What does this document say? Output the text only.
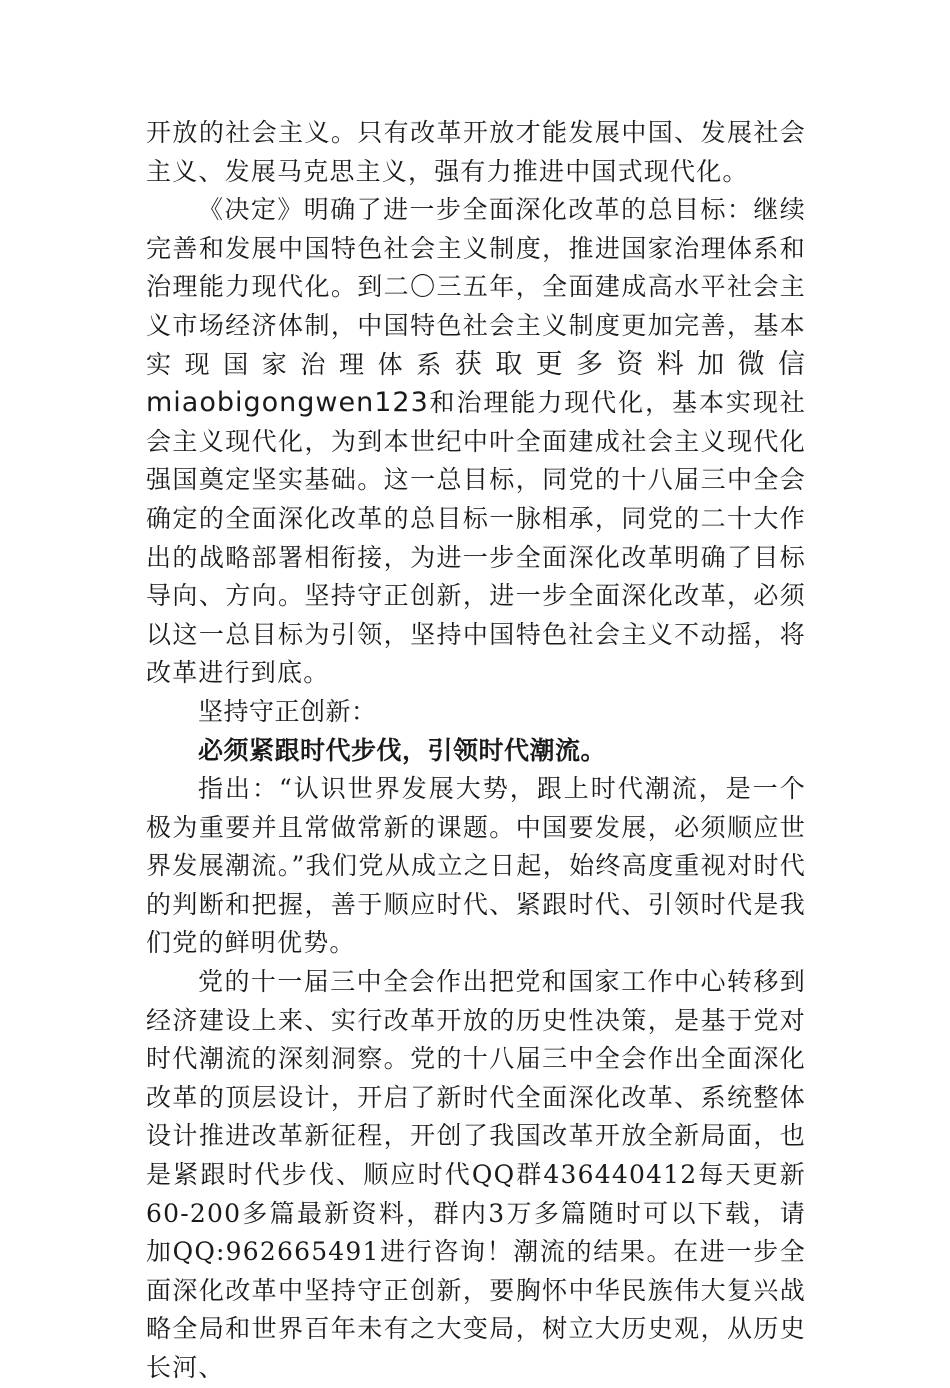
开放的社会主义。只有改革开放才能发展中国、发展社会主义、发展马克思主义，强有力推进中国式现代化。

《决定》明确了进一步全面深化改革的总目标：继续完善和发展中国特色社会主义制度，推进国家治理体系和治理能力现代化。到二〇三五年，全面建成高水平社会主义市场经济体制，中国特色社会主义制度更加完善，基本实现国家治理体系获取更多资料加微信miaobigongwen123和治理能力现代化，基本实现社会主义现代化，为到本世纪中叶全面建成社会主义现代化强国奠定坚实基础。这一总目标，同党的十八届三中全会确定的全面深化改革的总目标一脉相承，同党的二十大作出的战略部署相衔接，为进一步全面深化改革明确了目标导向、方向。坚持守正创新，进一步全面深化改革，必须以这一总目标为引领，坚持中国特色社会主义不动摇，将改革进行到底。

坚持守正创新：

必须紧跟时代步伐，引领时代潮流。

指出：“认识世界发展大势，跟上时代潮流，是一个极为重要并且常做常新的课题。中国要发展，必须顺应世界发展潮流。”我们党从成立之日起，始终高度重视对时代的判断和把握，善于顺应时代、紧跟时代、引领时代是我们党的鲜明优势。

党的十一届三中全会作出把党和国家工作中心转移到经济建设上来、实行改革开放的历史性决策，是基于党对时代潮流的深刻洞察。党的十八届三中全会作出全面深化改革的顶层设计，开启了新时代全面深化改革、系统整体设计推进改革新征程，开创了我国改革开放全新局面，也是紧跟时代步伐、顺应时代QQ群436440412每天更新60-200多篇最新资料，群内3万多篇随时可以下载，请加QQ:962665491进行咨询！潮流的结果。在进一步全面深化改革中坚持守正创新，要胸怀中华民族伟大复兴战略全局和世界百年未有之大变局，树立大历史观，从历史长河、
